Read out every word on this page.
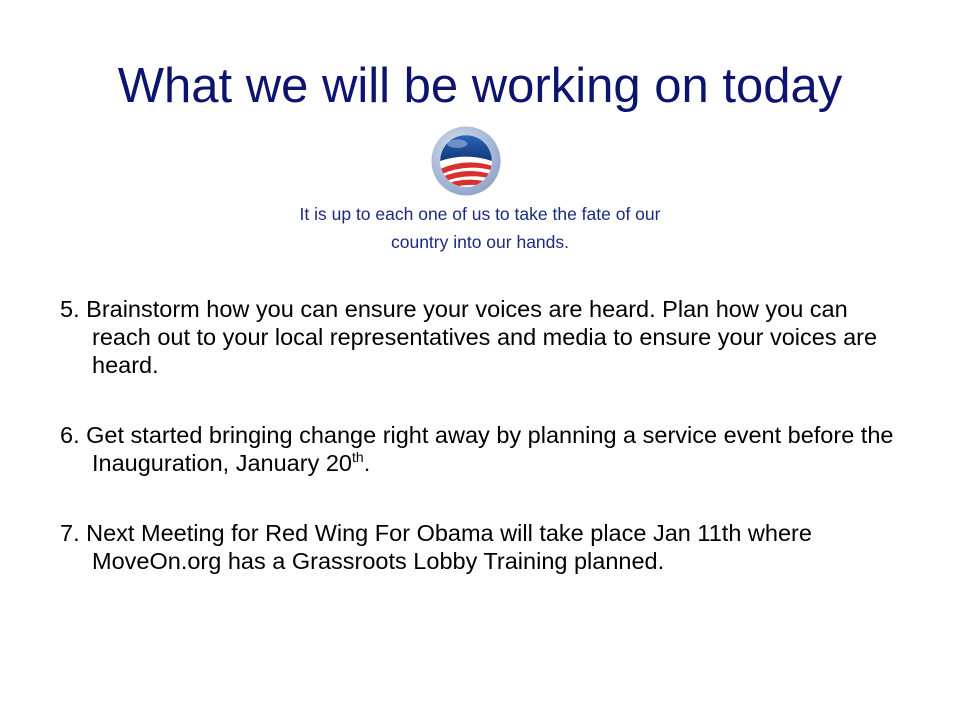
What we will be working on today
It is up to each one of us to take the fate of our
country into our hands.

5. Brainstorm how you can ensure your voices are heard. Plan how you can reach out to your local representatives and media to ensure your voices are heard.

6. Get started bringing change right away by planning a service event before the Inauguration, January 20th.

7. Next Meeting for Red Wing For Obama will take place Jan 11th where MoveOn.org has a Grassroots Lobby Training planned.
